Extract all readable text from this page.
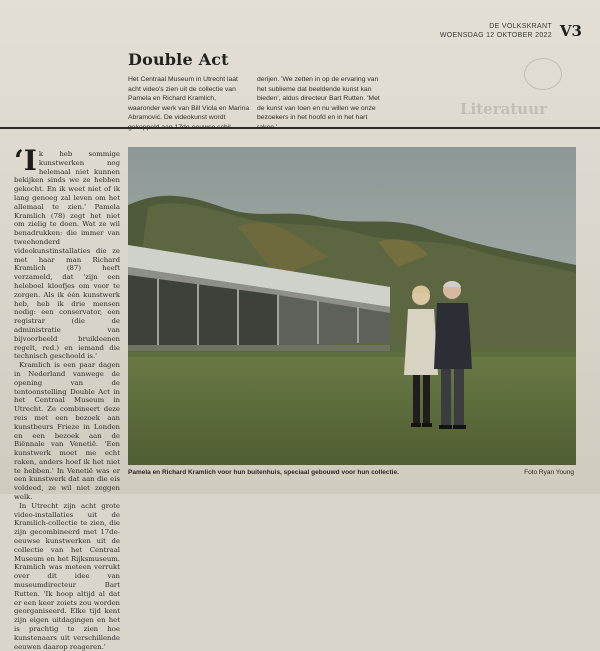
DE VOLKSKRANT
WOENSDAG 12 OKTOBER 2022 V3
Literatuur
Double Act
Het Centraal Museum in Utrecht laat acht video's zien uit de collectie van Pamela en Richard Kramlich, waaronder werk van Bill Viola en Marina Abramović. De videokunst wordt
derijen. 'We zetten in op de ervaring van het sublieme dat beeldende kunst kan bieden', aldus directeur Bart Rutten. 'Met de kunst van toen en nu willen we onze bezoekers in het hoofd en in het hart

‘Ik heb sommige kunstwerken nog helemaal niet kunnen bekijken sinds we ze hebben gekocht. En ik weet niet of ik lang genoeg zal leven om het allemaal te zien.' Pamela Kramlich (78) zegt het niet om zielig te doen. Wat ze wil benadrukken: die immer van tweehonderd videokunstinstallaties die ze met haar man Richard Kramlich (87) heeft verzameld, dat 'zijn een heleboel kloofjes om voor te zorgen. Als ik één kunstwerk heb, heb ik drie mensen nodig: een conservator, een registrar (die de administratie van bijvoorbeeld bruikleenen regelt, red.) en iemand die technisch geschoold is.'

Kramlich is een paar dagen in Nederland vanwege de opening van de tentoonstelling Double Act in het Centraal Museum in Utrecht. Ze combineert deze reis met een bezoek aan kunstbeurs Frieze in Londen en een bezoek aan de Biënnale van Venetië. 'Een kunstwerk moet me echt raken, anders hoef ik het niet te hebben.' In Venetië was er een kunstwerk dat aan die eis voldeed, ze wil niet zeggen welk.

In Utrecht zijn acht grote video-installaties uit de Kramlich-collectie te zien, die zijn gecombineerd met 17de-eeuwse kunstwerken uit de collectie van het Centraal Museum en het Rijksmuseum. Kramlich was meteen verrukt over dit idee van museumdirecteur Bart Rutten. 'Ik hoop altijd al dat er een keer zoiets zou worden georganiseerd. Elke tijd kent zijn eigen uitdagingen en het is prachtig te zien hoe kunstenaars uit verschillende eeuwen daarop reageren.'

Pamela en Richard Kramlich voor hun buitenhuis, speciaal gebouwd voor hun collectie.	Foto Ryan Young
